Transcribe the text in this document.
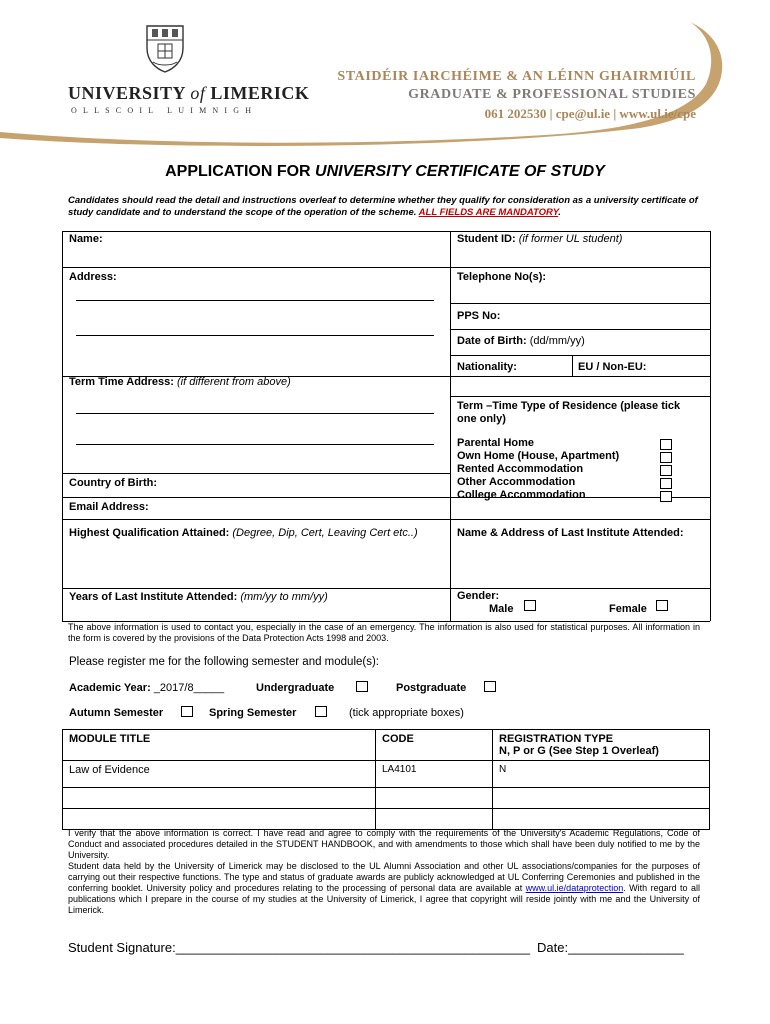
UNIVERSITY of LIMERICK
OLLSCOIL LUIMNIGH
STAIDÉIR IARCHÉIME & AN LÉINN GHAIRMIÚIL
GRADUATE & PROFESSIONAL STUDIES
061 202530 | cpe@ul.ie | www.ul.ie/cpe
APPLICATION FOR UNIVERSITY CERTIFICATE OF STUDY
Candidates should read the detail and instructions overleaf to determine whether they qualify for consideration as a university certificate of study candidate and to understand the scope of the operation of the scheme. ALL FIELDS ARE MANDATORY.
Name:	Student ID: (if former UL student)
Address:	Telephone No(s):
PPS No:
Date of Birth: (dd/mm/yy)
Nationality:	EU / Non-EU:
Term Time Address: (if different from above)
Term –Time Type of Residence (please tick one only)
Parental Home
Own Home (House, Apartment)
Rented Accommodation
Other Accommodation
College Accommodation
Country of Birth:
Email Address:
Highest Qualification Attained: (Degree, Dip, Cert, Leaving Cert etc..)	Name & Address of Last Institute Attended:
Years of Last Institute Attended: (mm/yy to mm/yy)	Gender:
Male	Female
The above information is used to contact you, especially in the case of an emergency. The information is also used for statistical purposes. All information in the form is covered by the provisions of the Data Protection Acts 1998 and 2003.
Please register me for the following semester and module(s):
Academic Year: _2017/8_____	Undergraduate	Postgraduate
Autumn Semester	Spring Semester	(tick appropriate boxes)
MODULE TITLE	CODE	REGISTRATION TYPE
N, P or G (See Step 1 Overleaf)
Law of Evidence	LA4101	N

I verify that the above information is correct. I have read and agree to comply with the requirements of the University's Academic Regulations, Code of Conduct and associated procedures detailed in the STUDENT HANDBOOK, and with amendments to those which shall have been duly notified to me by the University.
Student data held by the University of Limerick may be disclosed to the UL Alumni Association and other UL associations/companies for the purposes of carrying out their respective functions. The type and status of graduate awards are publicly acknowledged at UL Conferring Ceremonies and published in the conferring booklet. University policy and procedures relating to the processing of personal data are available at www.ul.ie/dataprotection. With regard to all publications which I prepare in the course of my studies at the University of Limerick, I agree that copyright will reside jointly with me and the University of Limerick.
Student Signature:_________________________________________________ Date:________________
